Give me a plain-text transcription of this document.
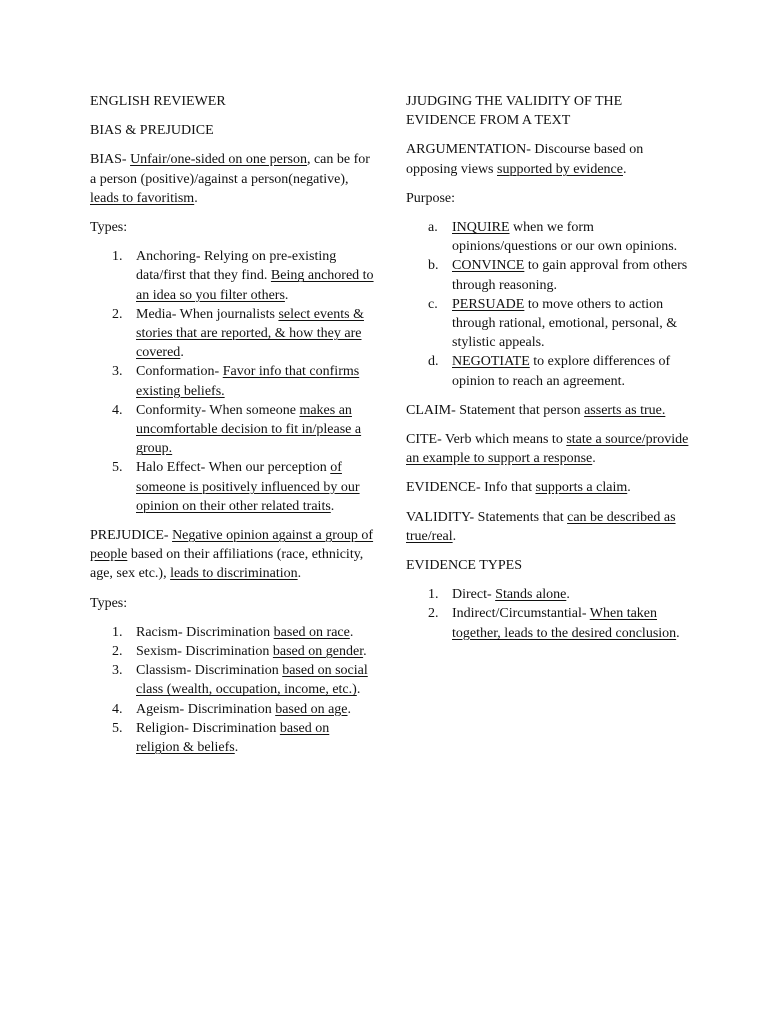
ENGLISH REVIEWER

BIAS & PREJUDICE

BIAS- Unfair/one-sided on one person, can be for a person (positive)/against a person(negative), leads to favoritism.

Types:

1. Anchoring- Relying on pre-existing data/first that they find. Being anchored to an idea so you filter others.
2. Media- When journalists select events & stories that are reported, & how they are covered.
3. Conformation- Favor info that confirms existing beliefs.
4. Conformity- When someone makes an uncomfortable decision to fit in/please a group.
5. Halo Effect- When our perception of someone is positively influenced by our opinion on their other related traits.

PREJUDICE- Negative opinion against a group of people based on their affiliations (race, ethnicity, age, sex etc.), leads to discrimination.

Types:

1. Racism- Discrimination based on race.
2. Sexism- Discrimination based on gender.
3. Classism- Discrimination based on social class (wealth, occupation, income, etc.).
4. Ageism- Discrimination based on age.
5. Religion- Discrimination based on religion & beliefs.

JJUDGING THE VALIDITY OF THE EVIDENCE FROM A TEXT

ARGUMENTATION- Discourse based on opposing views supported by evidence.

Purpose:

a. INQUIRE when we form opinions/questions or our own opinions.
b. CONVINCE to gain approval from others through reasoning.
c. PERSUADE to move others to action through rational, emotional, personal, & stylistic appeals.
d. NEGOTIATE to explore differences of opinion to reach an agreement.

CLAIM- Statement that person asserts as true.

CITE- Verb which means to state a source/provide an example to support a response.

EVIDENCE- Info that supports a claim.

VALIDITY- Statements that can be described as true/real.

EVIDENCE TYPES

1. Direct- Stands alone.
2. Indirect/Circumstantial- When taken together, leads to the desired conclusion.
